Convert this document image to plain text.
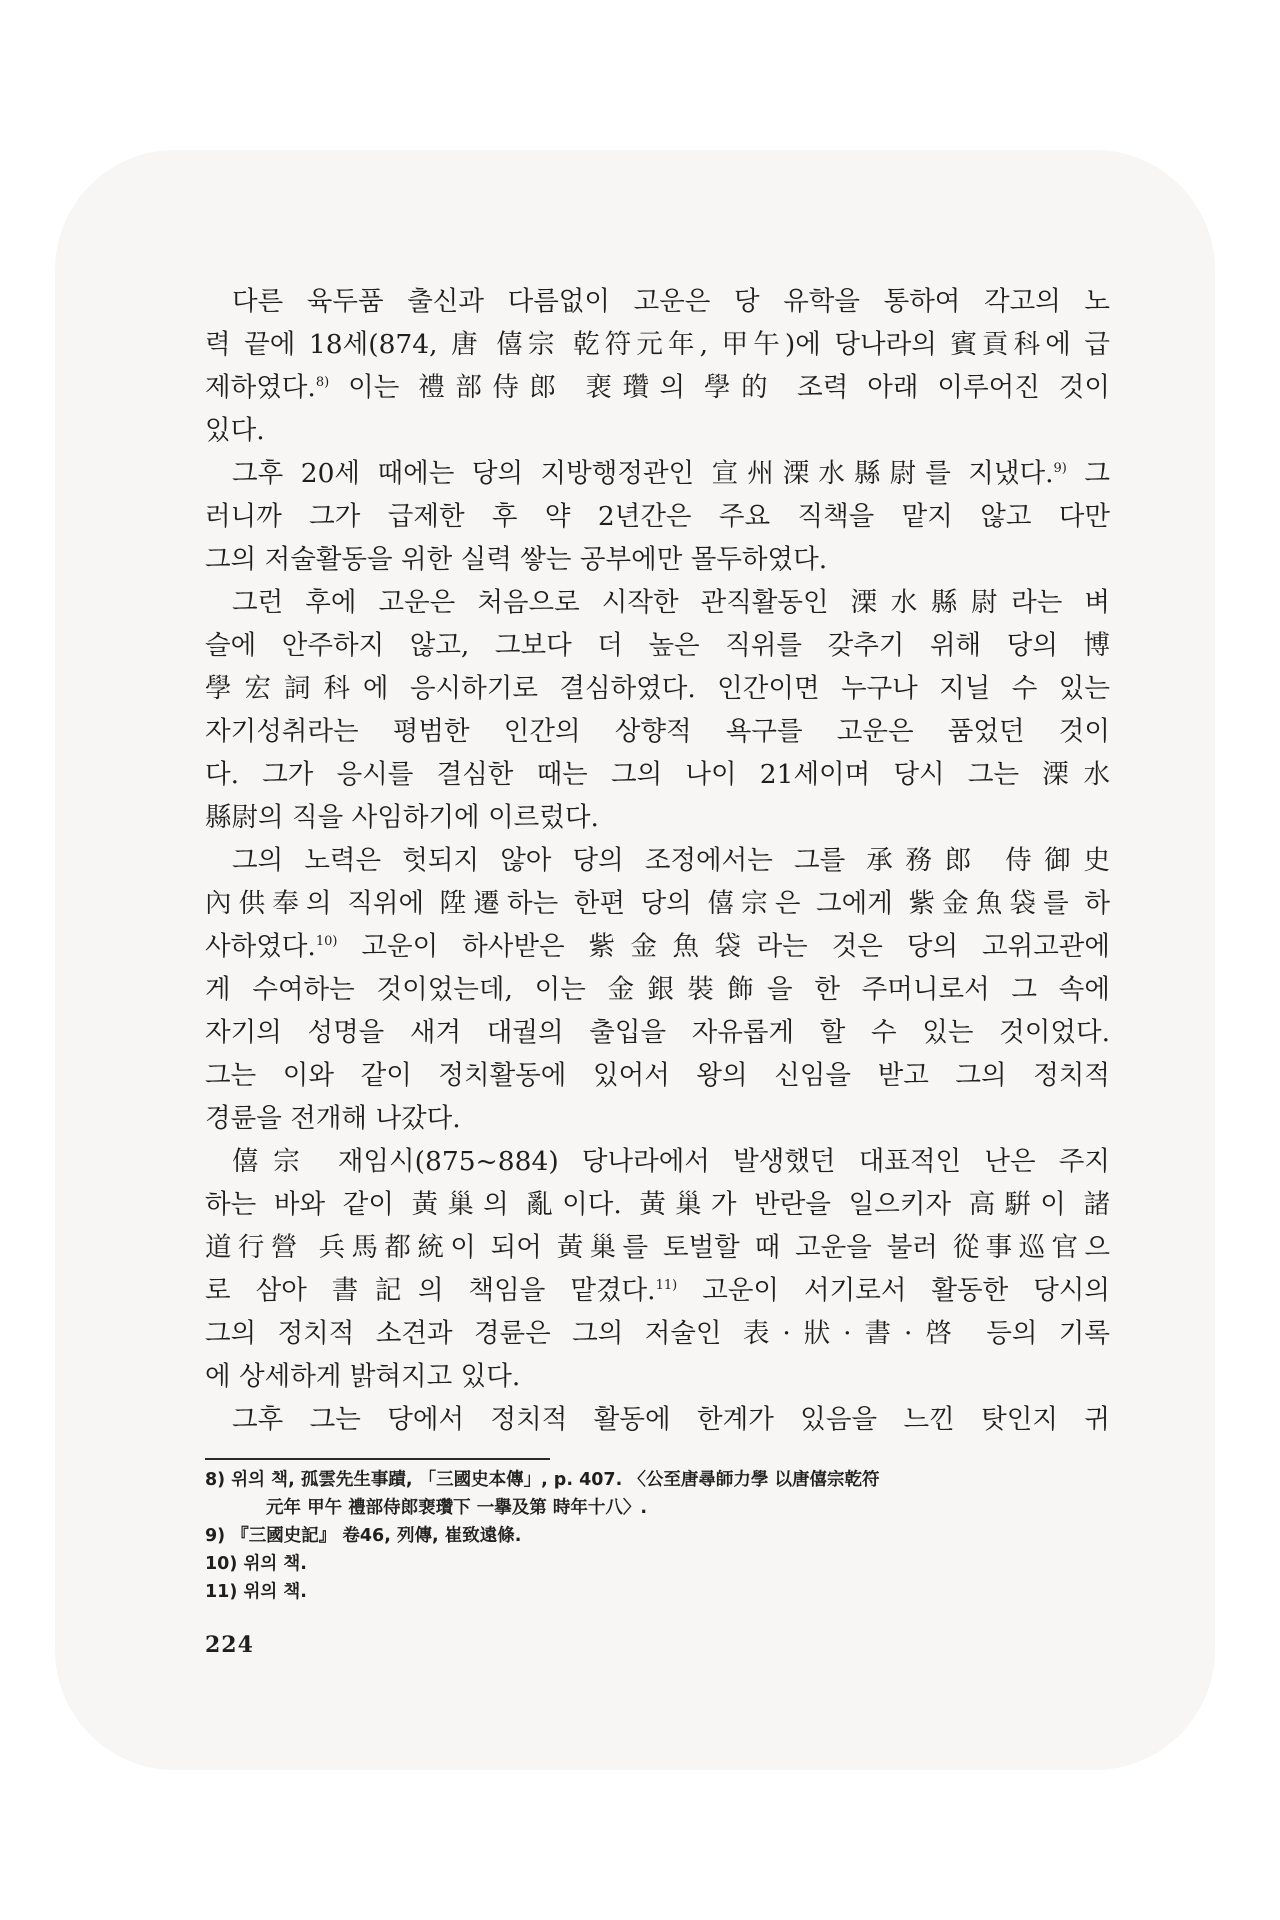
다른 육두품 출신과 다름없이 고운은 당 유학을 통하여 각고의 노
력 끝에 18세(874, 唐 僖宗 乾符元年, 甲午)에 당나라의 賓貢科에 급
제하였다.$^{8)}$ 이는 禮部侍郎 裵瓚의 學的 조력 아래 이루어진 것이
있다.
그후 20세 때에는 당의 지방행정관인 宣州溧水縣尉를 지냈다.$^{9)}$ 그
러니까 그가 급제한 후 약 2년간은 주요 직책을 맡지 않고 다만
그의 저술활동을 위한 실력 쌓는 공부에만 몰두하였다.
그런 후에 고운은 처음으로 시작한 관직활동인 溧水縣尉라는 벼
슬에 안주하지 않고, 그보다 더 높은 직위를 갖추기 위해 당의 博
學宏詞科에 응시하기로 결심하였다. 인간이면 누구나 지닐 수 있는
자기성취라는 평범한 인간의 상향적 욕구를 고운은 품었던 것이
다. 그가 응시를 결심한 때는 그의 나이 21세이며 당시 그는 溧水
縣尉의 직을 사임하기에 이르렀다.
그의 노력은 헛되지 않아 당의 조정에서는 그를 承務郎 侍御史
內供奉의 직위에 陞遷하는 한편 당의 僖宗은 그에게 紫金魚袋를 하
사하였다.$^{10)}$ 고운이 하사받은 紫金魚袋라는 것은 당의 고위고관에
게 수여하는 것이었는데, 이는 金銀裝飾을 한 주머니로서 그 속에
자기의 성명을 새겨 대궐의 출입을 자유롭게 할 수 있는 것이었다.
그는 이와 같이 정치활동에 있어서 왕의 신임을 받고 그의 정치적
경륜을 전개해 나갔다.
僖宗 재임시(875~884) 당나라에서 발생했던 대표적인 난은 주지
하는 바와 같이 黃巢의 亂이다. 黃巢가 반란을 일으키자 高騈이 諸
道行營 兵馬都統이 되어 黃巢를 토벌할 때 고운을 불러 從事巡官으
로 삼아 書記의 책임을 맡겼다.$^{11)}$ 고운이 서기로서 활동한 당시의
그의 정치적 소견과 경륜은 그의 저술인 表·狀·書·啓 등의 기록
에 상세하게 밝혀지고 있다.
그후 그는 당에서 정치적 활동에 한계가 있음을 느낀 탓인지 귀
8) 위의 책, 孤雲先生事蹟, 「三國史本傳」, p. 407. 〈公至唐尋師力學 以唐僖宗乾符
元年 甲午 禮部侍郎裵瓚下 一擧及第 時年十八〉.
9) 『三國史記』 卷46, 列傳, 崔致遠條.
10) 위의 책.
11) 위의 책.
224
